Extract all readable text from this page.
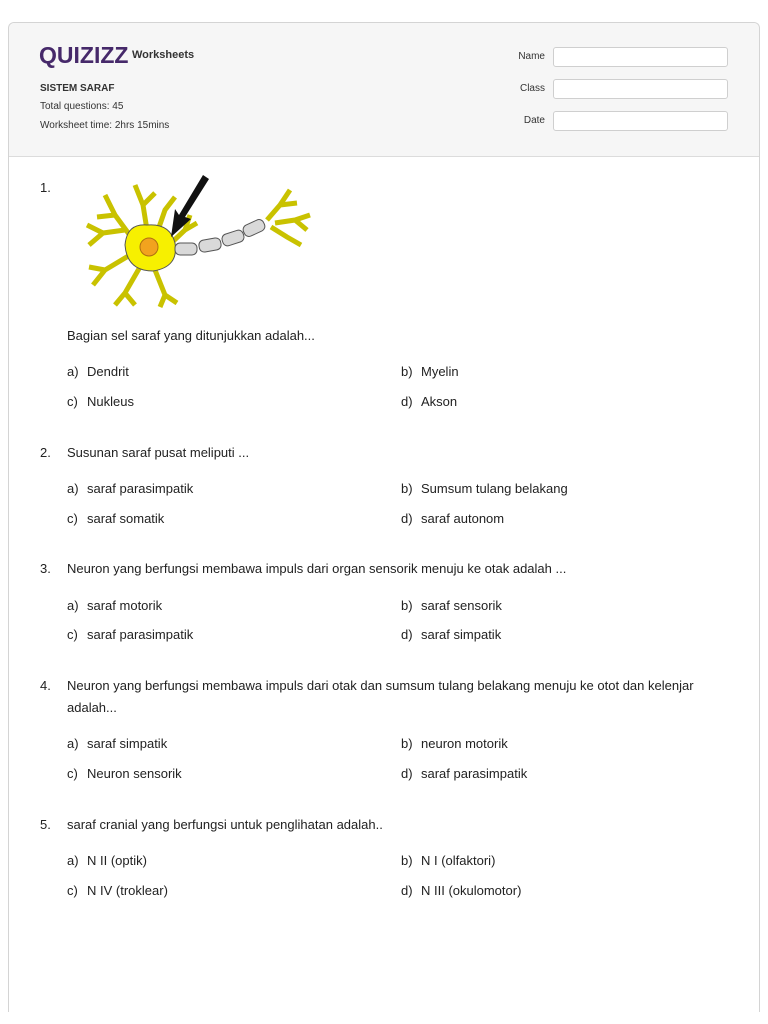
QUIZIZZ Worksheets
SISTEM SARAF
Total questions: 45
Worksheet time: 2hrs 15mins
Name
Class
Date
1.
Bagian sel saraf yang ditunjukkan adalah...
a) Dendrit	b) Myelin
c) Nukleus	d) Akson
2. Susunan saraf pusat meliputi ...
a) saraf parasimpatik	b) Sumsum tulang belakang
c) saraf somatik	d) saraf autonom
3. Neuron yang berfungsi membawa impuls dari organ sensorik menuju ke otak adalah ...
a) saraf motorik	b) saraf sensorik
c) saraf parasimpatik	d) saraf simpatik
4. Neuron yang berfungsi membawa impuls dari otak dan sumsum tulang belakang menuju ke otot dan kelenjar adalah...
a) saraf simpatik	b) neuron motorik
c) Neuron sensorik	d) saraf parasimpatik
5. saraf cranial yang berfungsi untuk penglihatan adalah..
a) N II (optik)	b) N I (olfaktori)
c) N IV (troklear)	d) N III (okulomotor)
